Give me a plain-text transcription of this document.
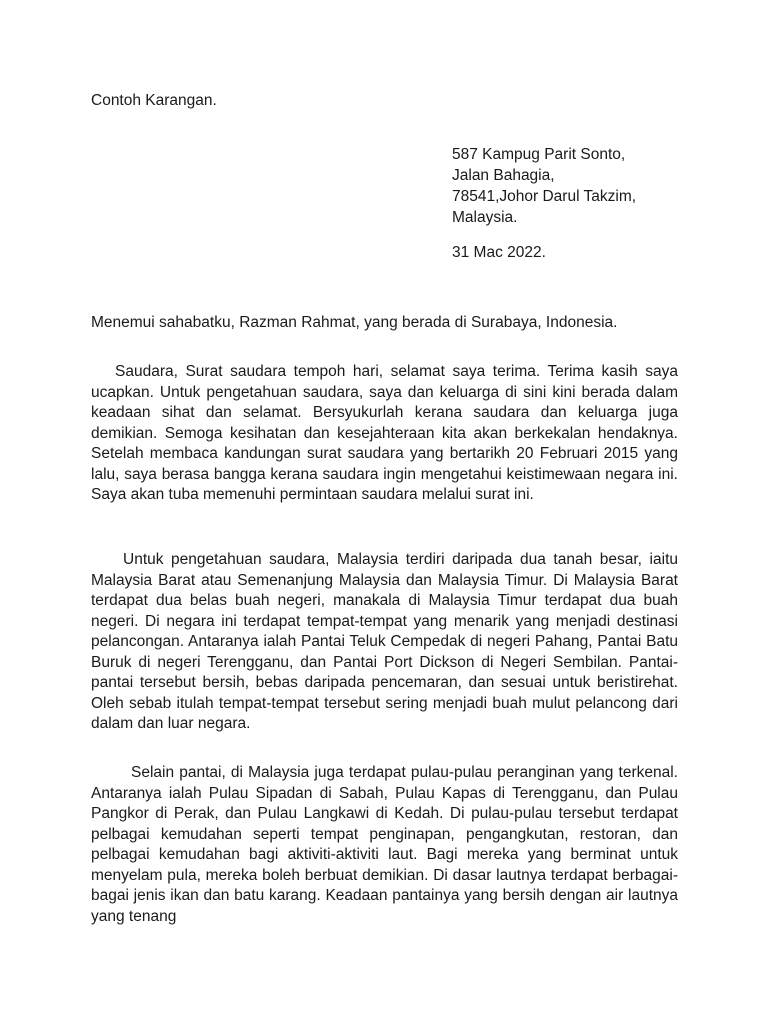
Contoh Karangan.
587 Kampug Parit Sonto,
Jalan Bahagia,
78541,Johor Darul Takzim,
Malaysia.
31 Mac 2022.
Menemui sahabatku, Razman Rahmat, yang berada di Surabaya, Indonesia.

Saudara, Surat saudara tempoh hari, selamat saya terima. Terima kasih saya ucapkan. Untuk pengetahuan saudara, saya dan keluarga di sini kini berada dalam keadaan sihat dan selamat. Bersyukurlah kerana saudara dan keluarga juga demikian. Semoga kesihatan dan kesejahteraan kita akan berkekalan hendaknya. Setelah membaca kandungan surat saudara yang bertarikh 20 Februari 2015 yang lalu, saya berasa bangga kerana saudara ingin mengetahui keistimewaan negara ini. Saya akan tuba memenuhi permintaan saudara melalui surat ini.

Untuk pengetahuan saudara, Malaysia terdiri daripada dua tanah besar, iaitu Malaysia Barat atau Semenanjung Malaysia dan Malaysia Timur. Di Malaysia Barat terdapat dua belas buah negeri, manakala di Malaysia Timur terdapat dua buah negeri. Di negara ini terdapat tempat-tempat yang menarik yang menjadi destinasi pelancongan. Antaranya ialah Pantai Teluk Cempedak di negeri Pahang, Pantai Batu Buruk di negeri Terengganu, dan Pantai Port Dickson di Negeri Sembilan. Pantai-pantai tersebut bersih, bebas daripada pencemaran, dan sesuai untuk beristirehat. Oleh sebab itulah tempat-tempat tersebut sering menjadi buah mulut pelancong dari dalam dan luar negara.

Selain pantai, di Malaysia juga terdapat pulau-pulau peranginan yang terkenal. Antaranya ialah Pulau Sipadan di Sabah, Pulau Kapas di Terengganu, dan Pulau Pangkor di Perak, dan Pulau Langkawi di Kedah. Di pulau-pulau tersebut terdapat pelbagai kemudahan seperti tempat penginapan, pengangkutan, restoran, dan pelbagai kemudahan bagi aktiviti-aktiviti laut. Bagi mereka yang berminat untuk menyelam pula, mereka boleh berbuat demikian. Di dasar lautnya terdapat berbagai-bagai jenis ikan dan batu karang. Keadaan pantainya yang bersih dengan air lautnya yang tenang
